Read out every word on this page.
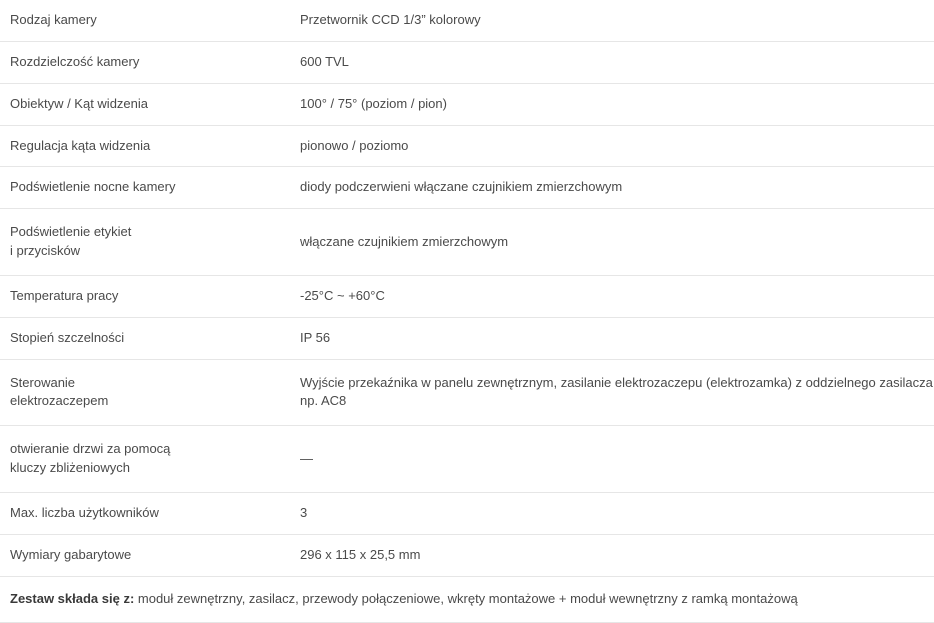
Rodzaj kamery	Przetwornik CCD 1/3” kolorowy
Rozdzielczość kamery	600 TVL
Obiektyw / Kąt widzenia	100° / 75° (poziom / pion)
Regulacja kąta widzenia	pionowo / poziomo
Podświetlenie nocne kamery	diody podczerwieni włączane czujnikiem zmierzchowym

Podświetlenie etykiet
i przycisków	włączane czujnikiem zmierzchowym
Temperatura pracy	-25°C ~ +60°C
Stopień szczelności	IP 56

Sterowanie
elektrozaczepem	Wyjście przekaźnika w panelu zewnętrznym, zasilanie elektrozaczepu (elektrozamka) z oddzielnego zasilacza np. AC8

otwieranie drzwi za pomocą
kluczy zbliżeniowych	—
Max. liczba użytkowników	3
Wymiary gabarytowe	296 x 115 x 25,5 mm
Zestaw składa się z: moduł zewnętrzny, zasilacz, przewody połączeniowe, wkręty montażowe + moduł wewnętrzny z ramką montażową	
